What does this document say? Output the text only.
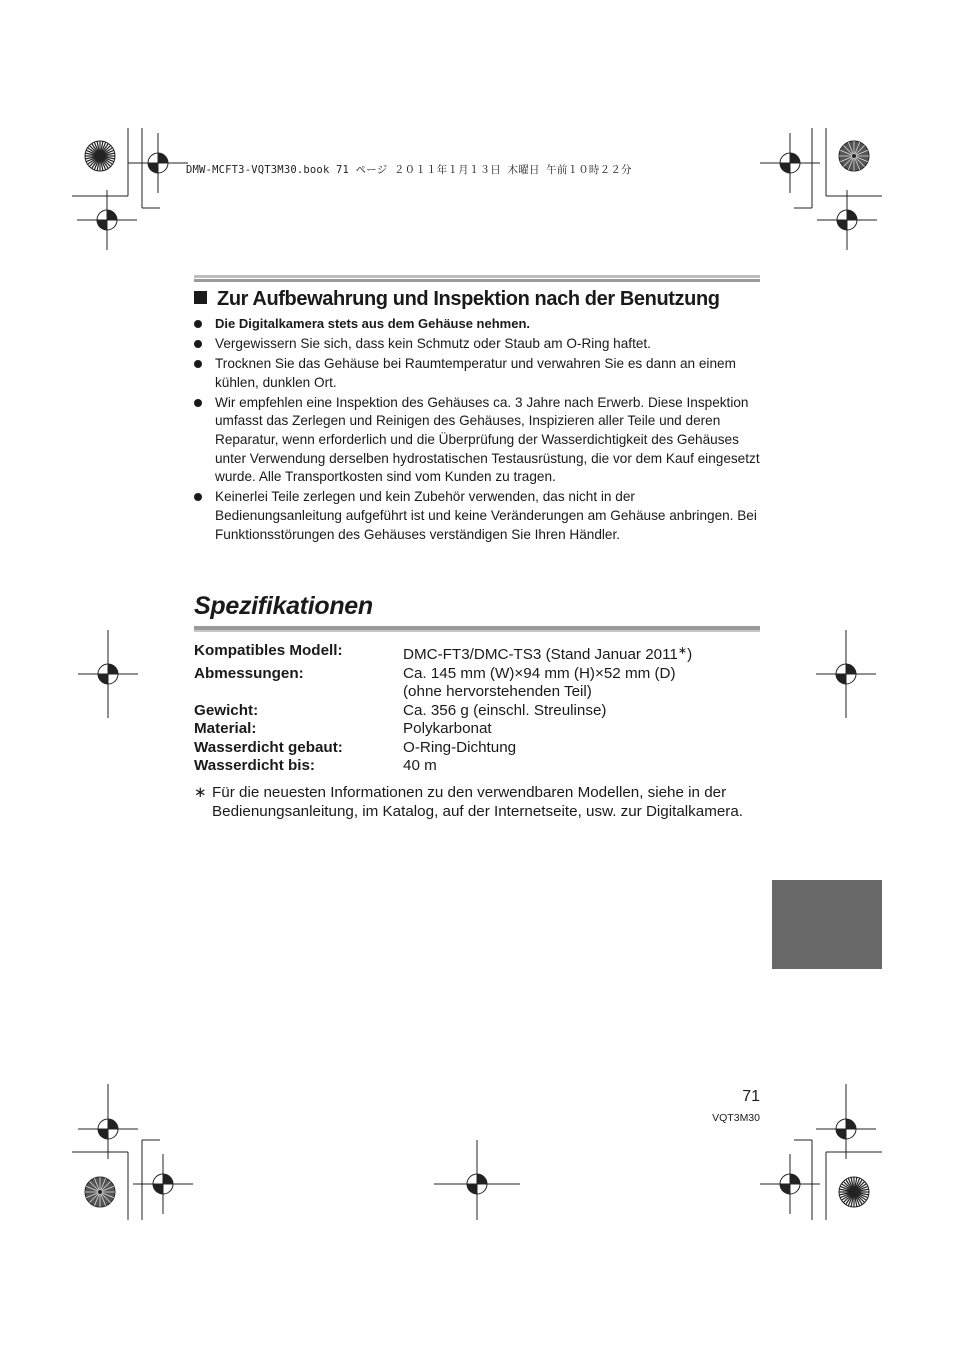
DMW-MCFT3-VQT3M30.book 71 ページ ２０１１年１月１３日 木曜日 午前１０時２２分
Zur Aufbewahrung und Inspektion nach der Benutzung
Die Digitalkamera stets aus dem Gehäuse nehmen.
Vergewissern Sie sich, dass kein Schmutz oder Staub am O-Ring haftet.
Trocknen Sie das Gehäuse bei Raumtemperatur und verwahren Sie es dann an einem kühlen, dunklen Ort.
Wir empfehlen eine Inspektion des Gehäuses ca. 3 Jahre nach Erwerb. Diese Inspektion umfasst das Zerlegen und Reinigen des Gehäuses, Inspizieren aller Teile und deren Reparatur, wenn erforderlich und die Überprüfung der Wasserdichtigkeit des Gehäuses unter Verwendung derselben hydrostatischen Testausrüstung, die vor dem Kauf eingesetzt wurde. Alle Transportkosten sind vom Kunden zu tragen.
Keinerlei Teile zerlegen und kein Zubehör verwenden, das nicht in der Bedienungsanleitung aufgeführt ist und keine Veränderungen am Gehäuse anbringen. Bei Funktionsstörungen des Gehäuses verständigen Sie Ihren Händler.
Spezifikationen
Kompatibles Modell:	DMC-FT3/DMC-TS3 (Stand Januar 2011∗)
Abmessungen:	Ca. 145 mm (W)×94 mm (H)×52 mm (D)
(ohne hervorstehenden Teil)
Gewicht:	Ca. 356 g (einschl. Streulinse)
Material:	Polykarbonat
Wasserdicht gebaut:	O-Ring-Dichtung
Wasserdicht bis:	40 m
∗ Für die neuesten Informationen zu den verwendbaren Modellen, siehe in der Bedienungsanleitung, im Katalog, auf der Internetseite, usw. zur Digitalkamera.
71
VQT3M30
